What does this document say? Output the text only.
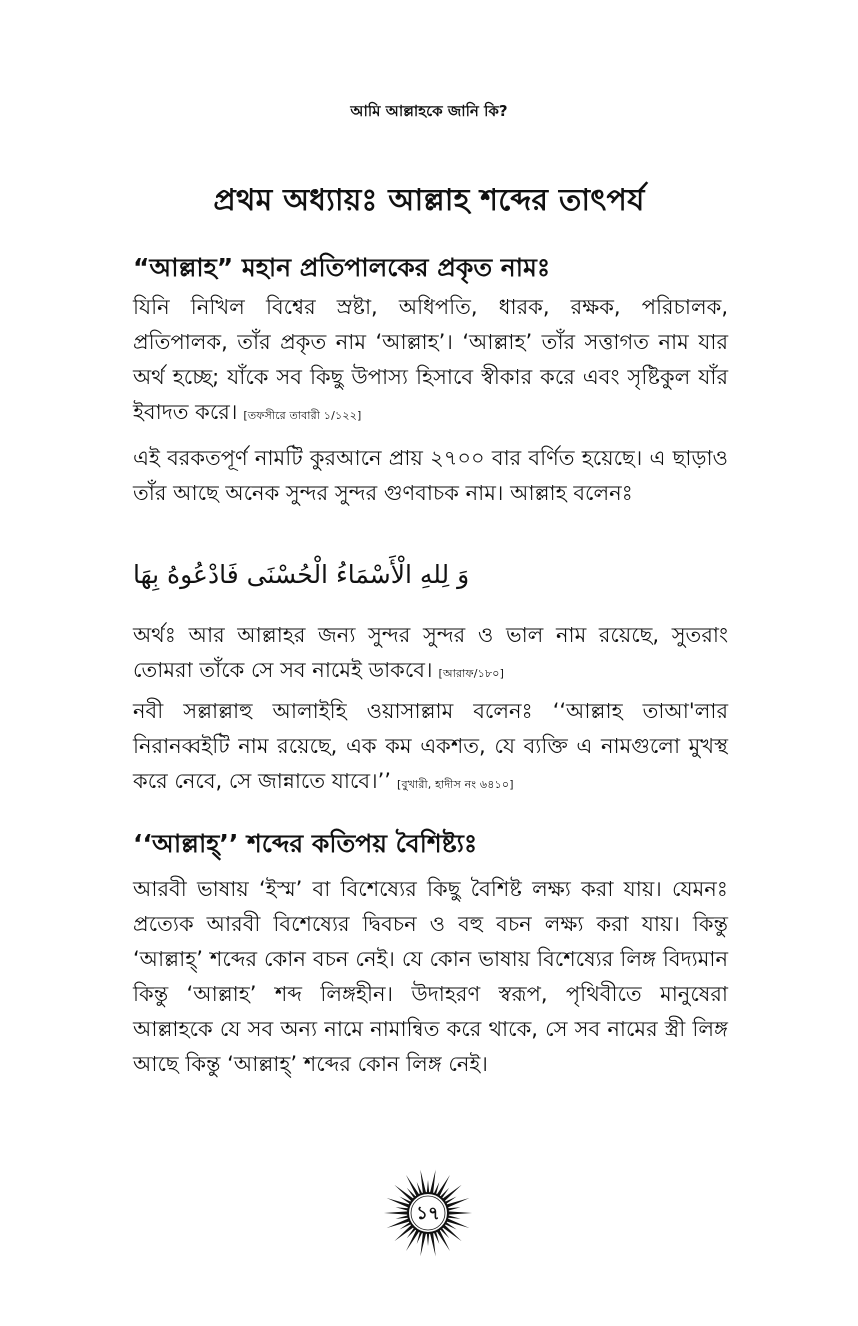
আমি আল্লাহকে জানি কি?
প্রথম অধ্যায়ঃ আল্লাহ শব্দের তাৎপর্য
“আল্লাহ” মহান প্রতিপালকের প্রকৃত নামঃ

যিনি নিখিল বিশ্বের স্রষ্টা, অধিপতি, ধারক, রক্ষক, পরিচালক, প্রতিপালক, তাঁর প্রকৃত নাম ‘আল্লাহ’। ‘আল্লাহ’ তাঁর সত্তাগত নাম যার অর্থ হচ্ছে; যাঁকে সব কিছু উপাস্য হিসাবে স্বীকার করে এবং সৃষ্টিকুল যাঁর ইবাদত করে। [তফসীরে তাবারী ১/১২২]

এই বরকতপূর্ণ নামটি কুরআনে প্রায় ২৭০০ বার বর্ণিত হয়েছে। এ ছাড়াও তাঁর আছে অনেক সুন্দর সুন্দর গুণবাচক নাম। আল্লাহ বলেনঃ

وَ لِلهِ الْأَسْمَاءُ الْحُسْنَى فَادْعُوهُ بِهَا

অর্থঃ আর আল্লাহর জন্য সুন্দর সুন্দর ও ভাল নাম রয়েছে, সুতরাং তোমরা তাঁকে সে সব নামেই ডাকবে। [আরাফ/১৮০]

নবী সল্লাল্লাহু আলাইহি ওয়াসাল্লাম বলেনঃ ‘‘আল্লাহ তাআ'লার নিরানব্বইটি নাম রয়েছে, এক কম একশত, যে ব্যক্তি এ নামগুলো মুখস্থ করে নেবে, সে জান্নাতে যাবে।’’ [বুখারী, হাদীস নং ৬৪১০]

‘‘আল্লাহ্’’ শব্দের কতিপয় বৈশিষ্ট্যঃ

আরবী ভাষায় ‘ইস্ম’ বা বিশেষ্যের কিছু বৈশিষ্ট লক্ষ্য করা যায়। যেমনঃ প্রত্যেক আরবী বিশেষ্যের দ্বিবচন ও বহু বচন লক্ষ্য করা যায়। কিন্তু ‘আল্লাহ্’ শব্দের কোন বচন নেই। যে কোন ভাষায় বিশেষ্যের লিঙ্গ বিদ্যমান কিন্তু ‘আল্লাহ’ শব্দ লিঙ্গহীন। উদাহরণ স্বরূপ, পৃথিবীতে মানুষেরা আল্লাহকে যে সব অন্য নামে নামান্বিত করে থাকে, সে সব নামের স্ত্রী লিঙ্গ আছে কিন্তু ‘আল্লাহ্’ শব্দের কোন লিঙ্গ নেই।

১৭
